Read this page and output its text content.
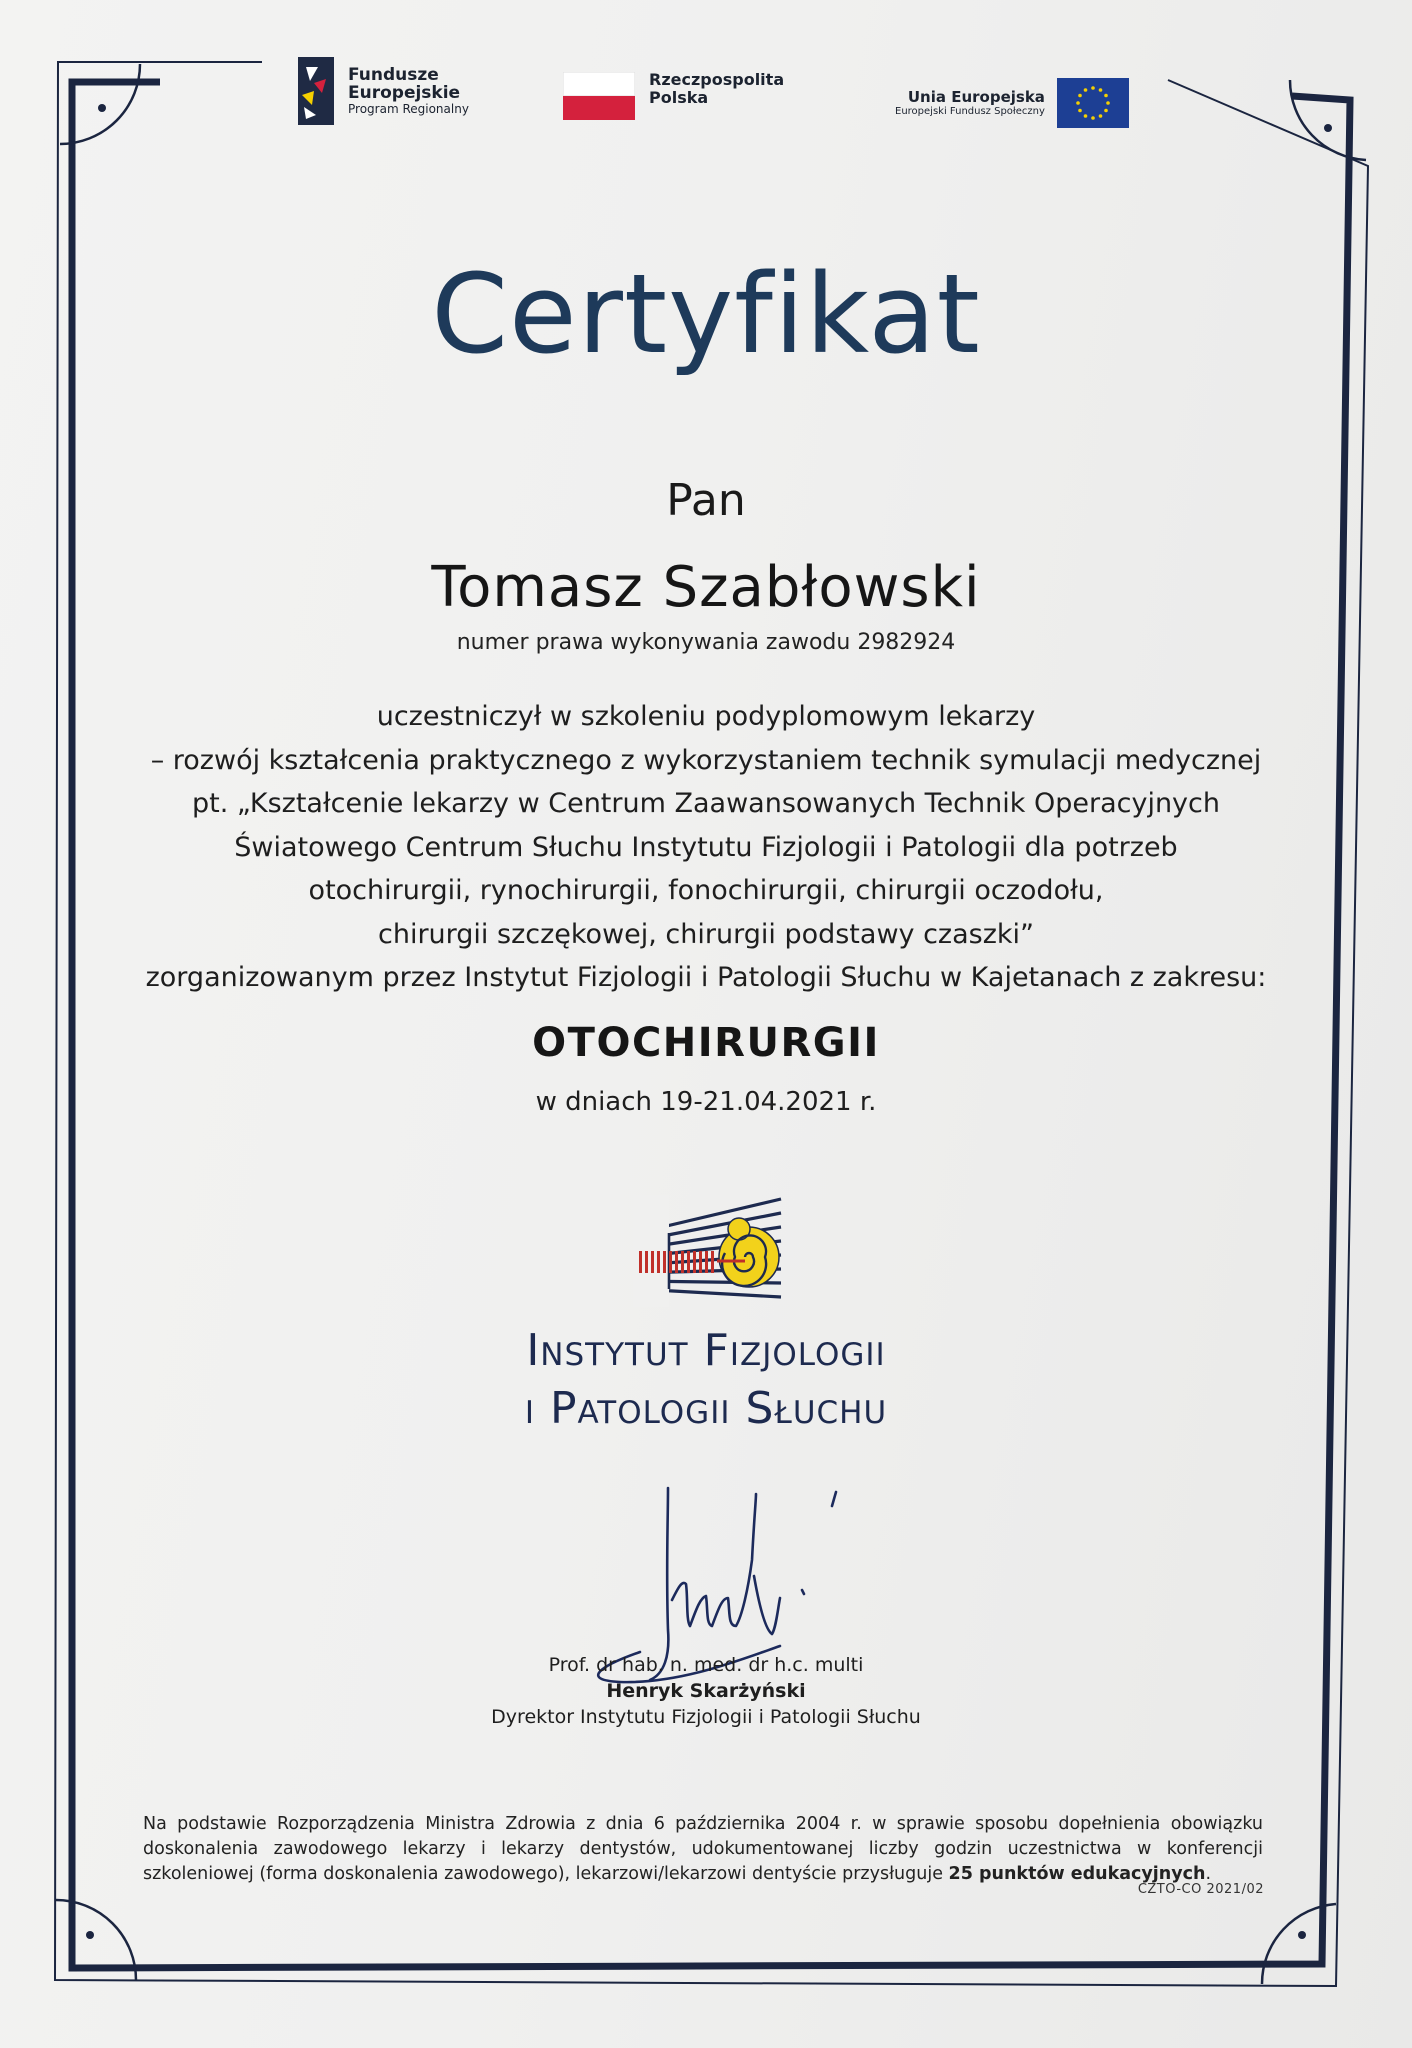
Fundusze
Europejskie
Program Regionalny
Rzeczpospolita
Polska	Unia Europejska
Europejski Fundusz Społeczny
Certyfikat
Pan
Tomasz Szabłowski
numer prawa wykonywania zawodu 2982924
uczestniczył w szkoleniu podyplomowym lekarzy
– rozwój kształcenia praktycznego z wykorzystaniem technik symulacji medycznej
pt. „Kształcenie lekarzy w Centrum Zaawansowanych Technik Operacyjnych
Światowego Centrum Słuchu Instytutu Fizjologii i Patologii dla potrzeb
otochirurgii, rynochirurgii, fonochirurgii, chirurgii oczodołu,
chirurgii szczękowej, chirurgii podstawy czaszki”
zorganizowanym przez Instytut Fizjologii i Patologii Słuchu w Kajetanach z zakresu:
OTOCHIRURGII
w dniach 19-21.04.2021 r.
Instytut Fizjologii
i Patologii Słuchu
Prof. dr hab. n. med. dr h.c. multi
Henryk Skarżyński
Dyrektor Instytutu Fizjologii i Patologii Słuchu
Na podstawie Rozporządzenia Ministra Zdrowia z dnia 6 października 2004 r. w sprawie sposobu dopełnienia obowiązku doskonalenia zawodowego lekarzy i lekarzy dentystów, udokumentowanej liczby godzin uczestnictwa w konferencji szkoleniowej (forma doskonalenia zawodowego), lekarzowi/lekarzowi dentyście przysługuje 25 punktów edukacyjnych.
CZTO-CO 2021/02
